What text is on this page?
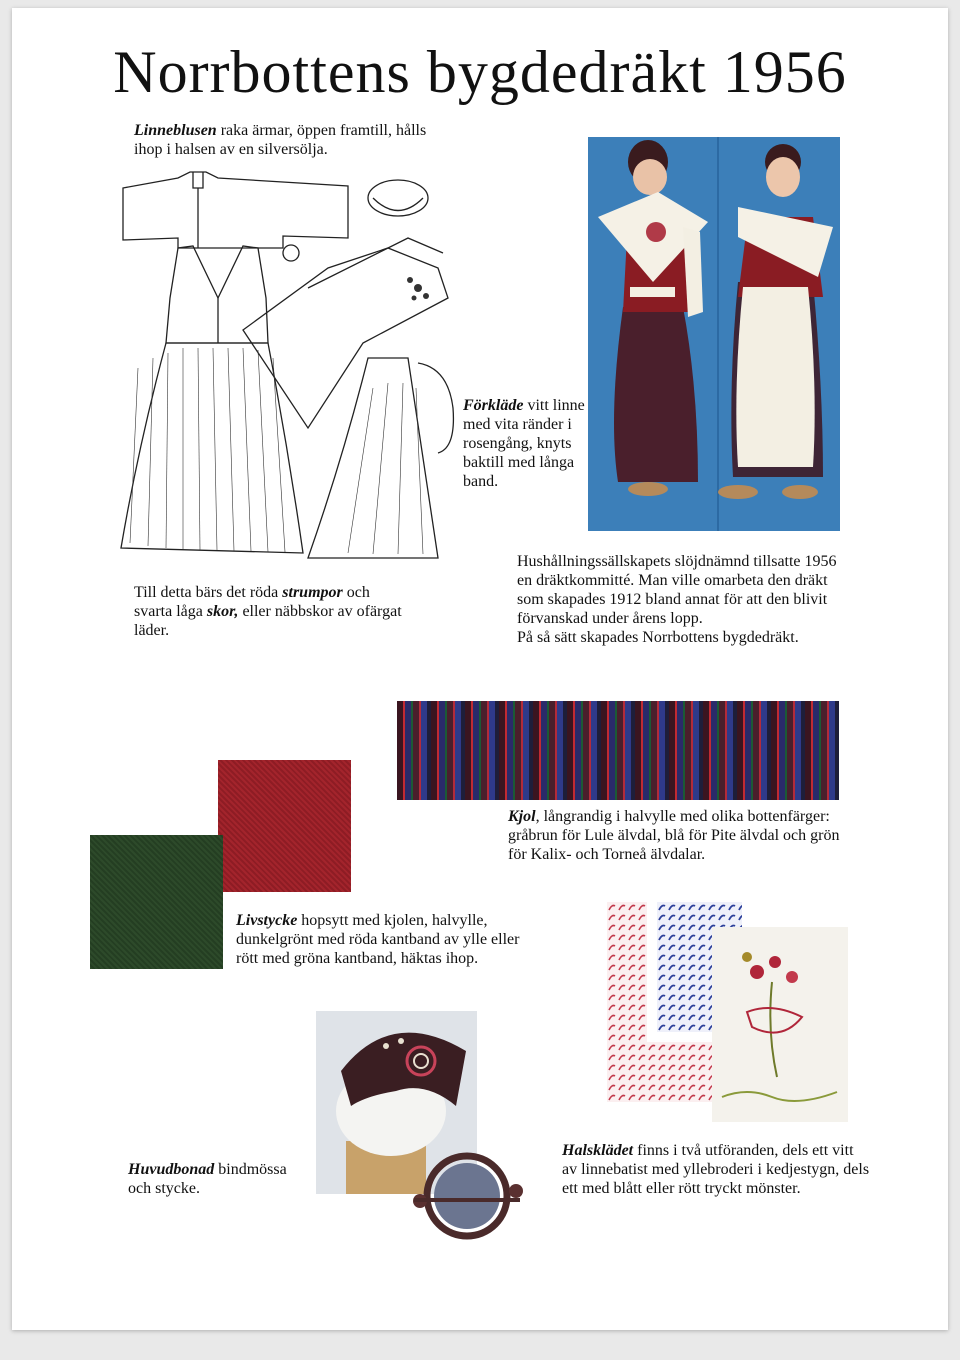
Norrbottens bygdedräkt 1956
Linneblusen raka ärmar, öppen framtill, hålls ihop i halsen av en silversölja.
Förkläde vitt linne med vita ränder i rosengång, knyts baktill med långa band.
Till detta bärs det röda strumpor och svarta låga skor, eller näbbskor av ofärgat läder.

Hushållningssällskapets slöjdnämnd tillsatte 1956 en dräktkommitté. Man ville omarbeta den dräkt som skapades 1912 bland annat för att den blivit förvanskad under årens lopp.

På så sätt skapades Norrbottens bygdedräkt.

Kjol, långrandig i halvylle med olika bottenfärger: gråbrun för Lule älvdal, blå för Pite älvdal och grön för Kalix- och Torneå älvdalar.
Livstycke hopsytt med kjolen, halvylle, dunkelgrönt med röda kantband av ylle eller rött med gröna kantband, häktas ihop.
Huvudbonad bindmössa och stycke.
Halsklädet finns i två utföranden, dels ett vitt av linnebatist med yllebroderi i kedjestygn, dels ett med blått eller rött tryckt mönster.
